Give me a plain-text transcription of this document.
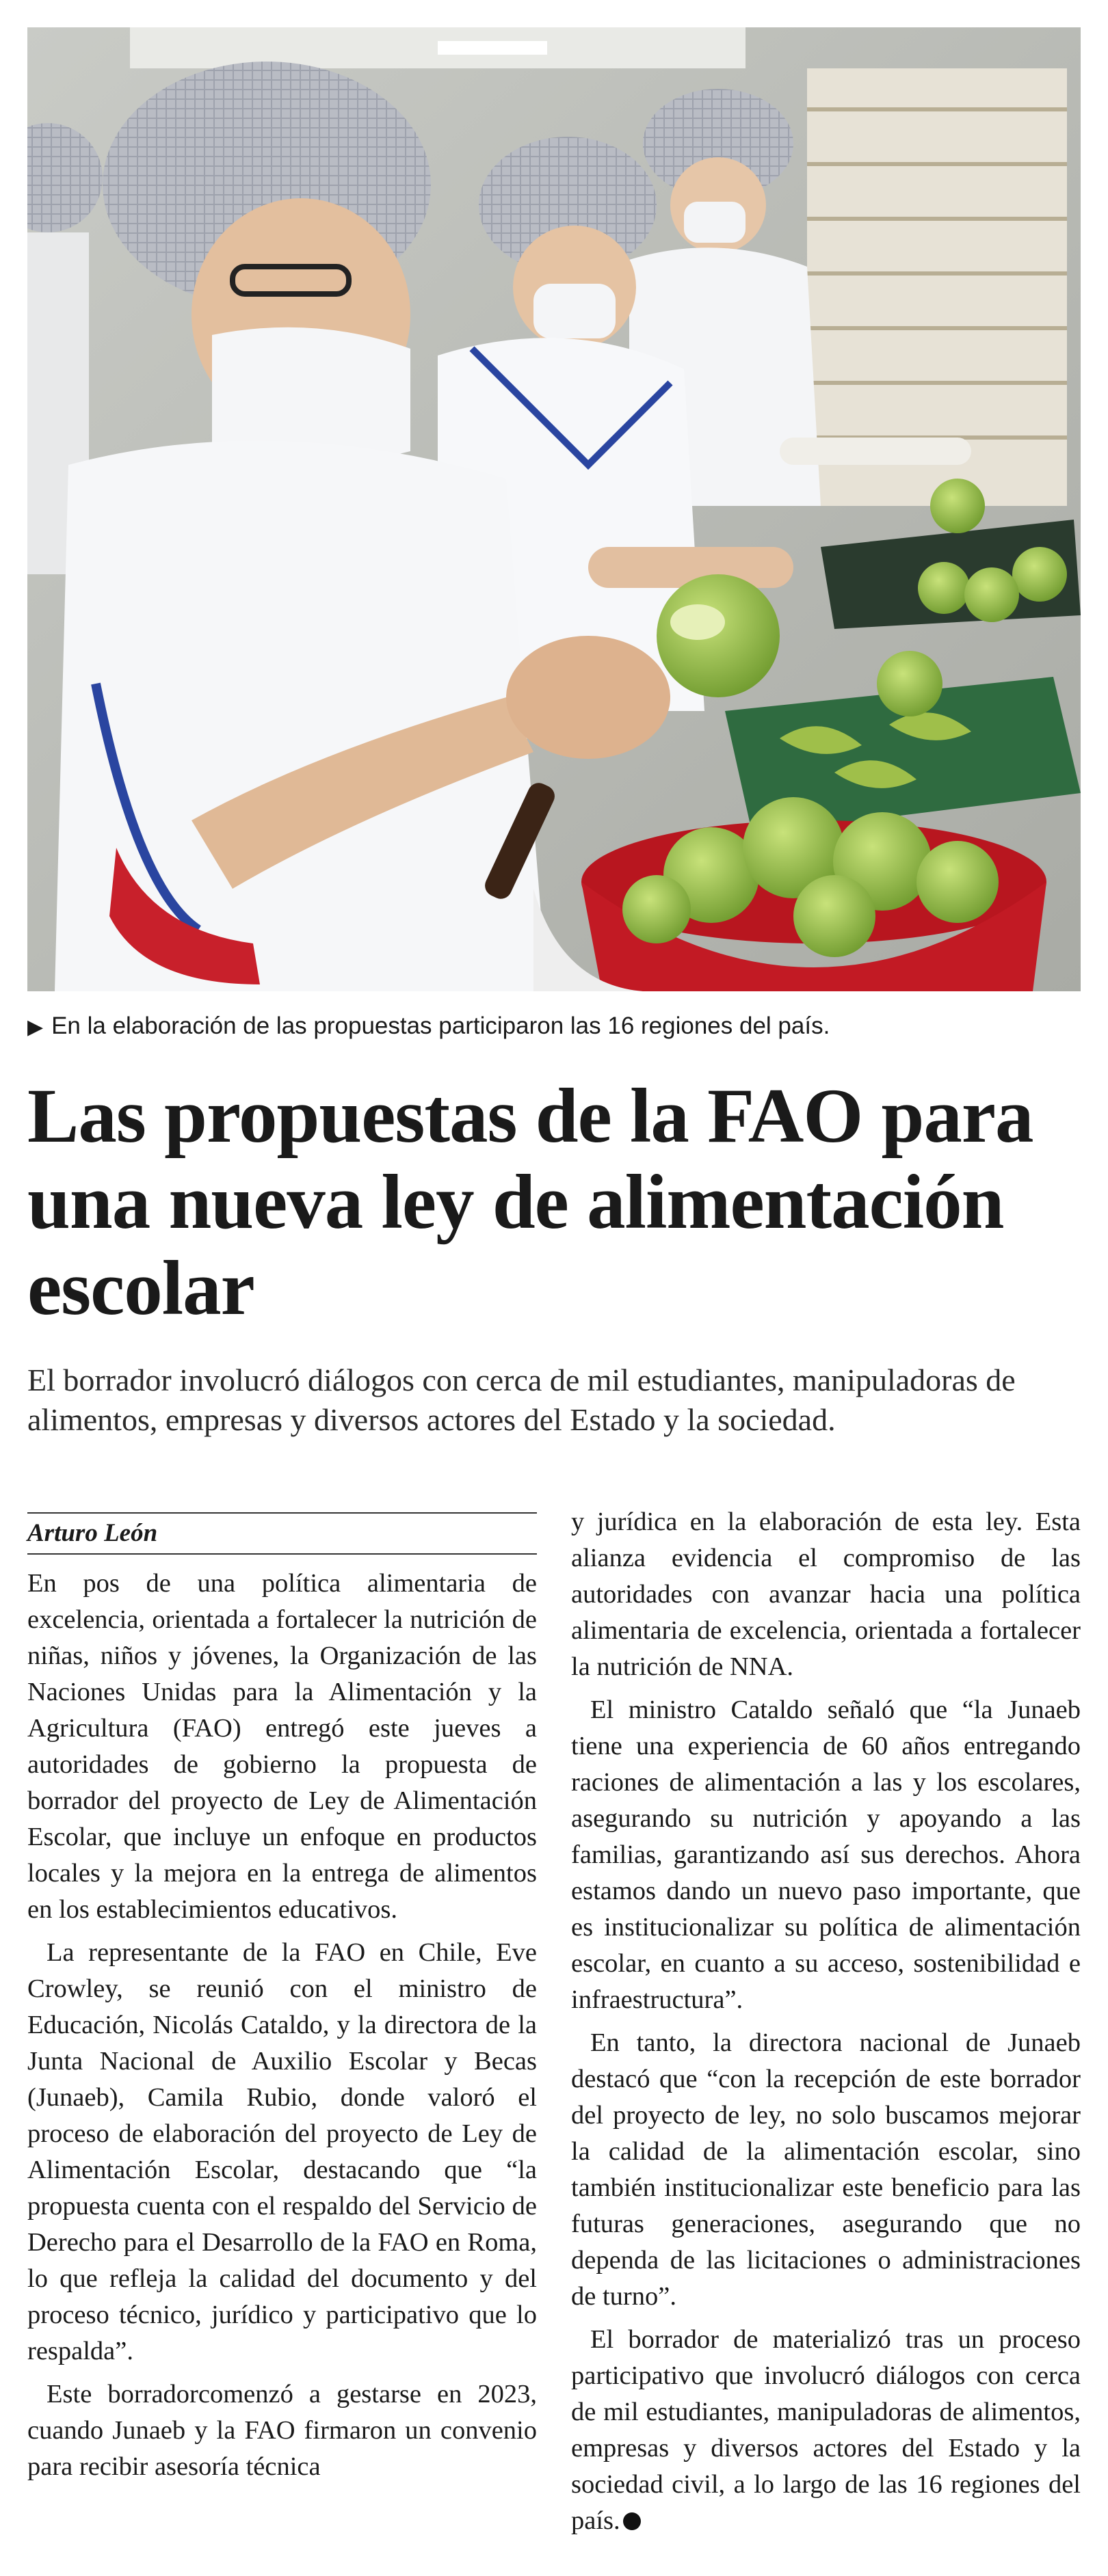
▶ En la elaboración de las propuestas participaron las 16 regiones del país.
Las propuestas de la FAO para una nueva ley de alimentación escolar

El borrador involucró diálogos con cerca de mil estudiantes, manipuladoras de alimentos, empresas y diversos actores del Estado y la sociedad.

Arturo León

En pos de una política alimentaria de excelencia, orientada a fortalecer la nutrición de niñas, niños y jóvenes, la Organización de las Naciones Unidas para la Alimentación y la Agricultura (FAO) entregó este jueves a autoridades de gobierno la propuesta de borrador del proyecto de Ley de Alimentación Escolar, que incluye un enfoque en productos locales y la mejora en la entrega de alimentos en los establecimientos educativos.

La representante de la FAO en Chile, Eve Crowley, se reunió con el ministro de Educación, Nicolás Cataldo, y la directora de la Junta Nacional de Auxilio Escolar y Becas (Junaeb), Camila Rubio, donde valoró el proceso de elaboración del proyecto de Ley de Alimentación Escolar, destacando que “la propuesta cuenta con el respaldo del Servicio de Derecho para el Desarrollo de la FAO en Roma, lo que refleja la calidad del documento y del proceso técnico, jurídico y participativo que lo respalda”.

Este borradorcomenzó a gestarse en 2023, cuando Junaeb y la FAO firmaron un convenio para recibir asesoría técnica

y jurídica en la elaboración de esta ley. Esta alianza evidencia el compromiso de las autoridades con avanzar hacia una política alimentaria de excelencia, orientada a fortalecer la nutrición de NNA.

El ministro Cataldo señaló que “la Junaeb tiene una experiencia de 60 años entregando raciones de alimentación a las y los escolares, asegurando su nutrición y apoyando a las familias, garantizando así sus derechos. Ahora estamos dando un nuevo paso importante, que es institucionalizar su política de alimentación escolar, en cuanto a su acceso, sostenibilidad e infraestructura”.

En tanto, la directora nacional de Junaeb destacó que “con la recepción de este borrador del proyecto de ley, no solo buscamos mejorar la calidad de la alimentación escolar, sino también institucionalizar este beneficio para las futuras generaciones, asegurando que no dependa de las licitaciones o administraciones de turno”.

El borrador de materializó tras un proceso participativo que involucró diálogos con cerca de mil estudiantes, manipuladoras de alimentos, empresas y diversos actores del Estado y la sociedad civil, a lo largo de las 16 regiones del país.
